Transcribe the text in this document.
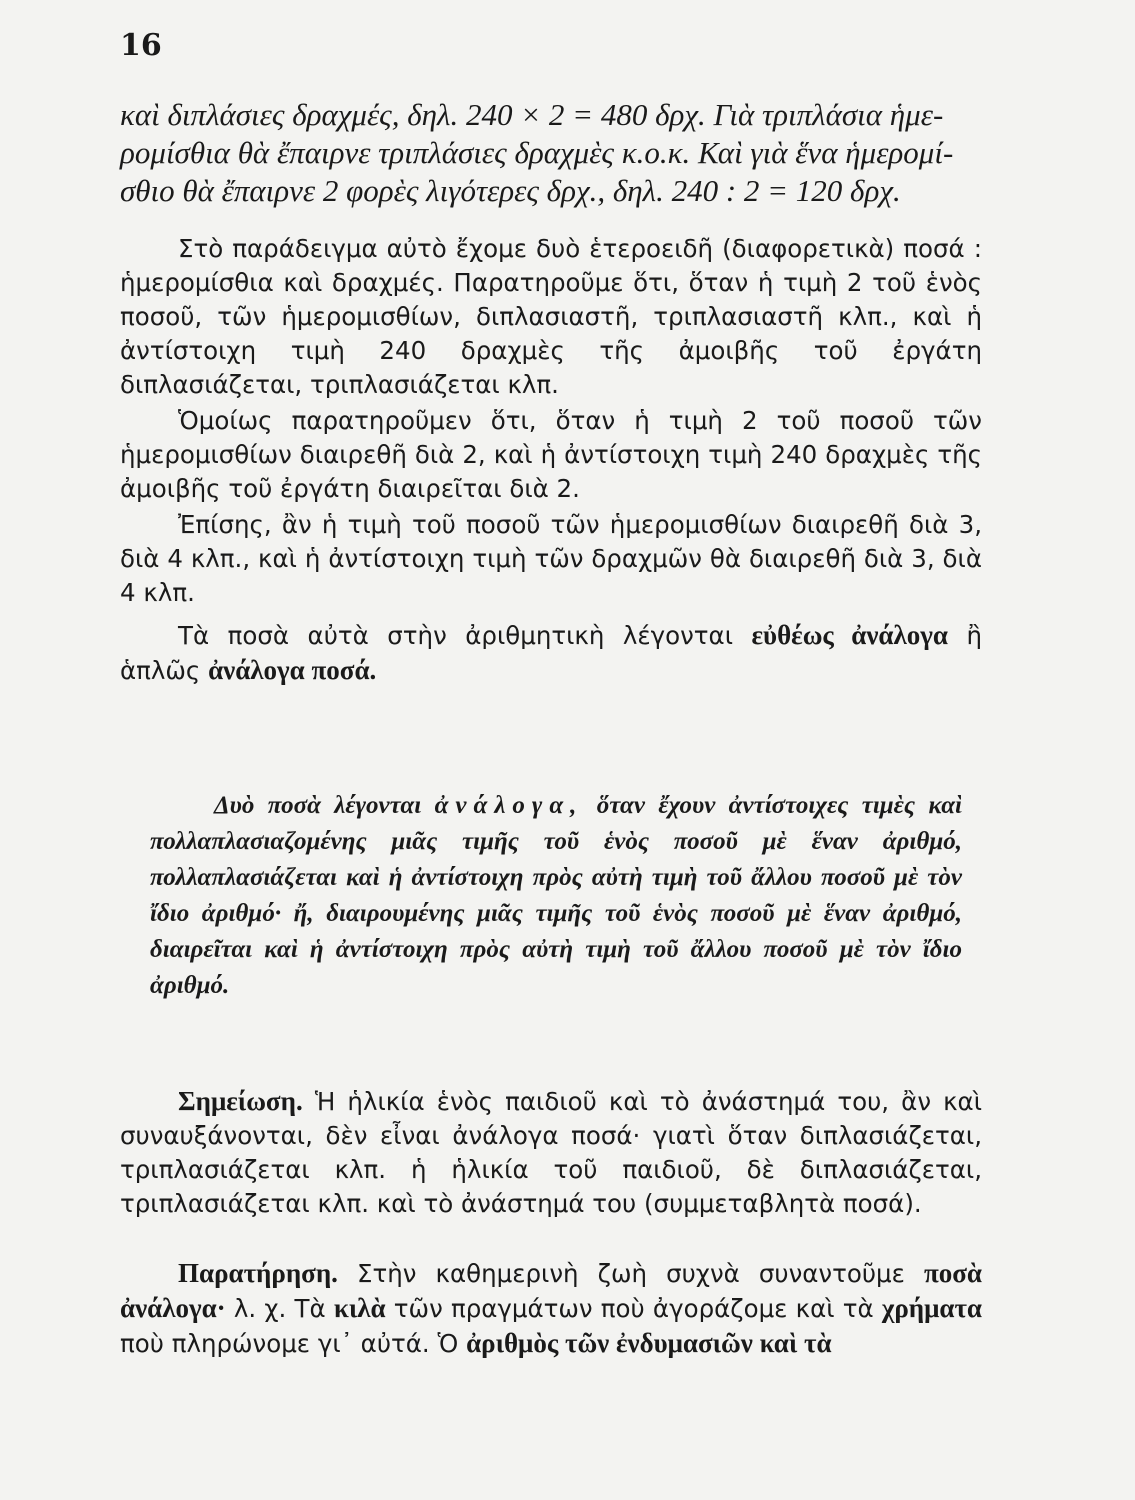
16

καὶ διπλάσιες δραχμές, δηλ. 240 × 2 = 480 δρχ. Γιὰ τριπλάσια ἡμε-
ρομίσθια θὰ ἔπαιρνε τριπλάσιες δραχμὲς κ.ο.κ. Καὶ γιὰ ἕνα ἡμερομί-
σθιο θὰ ἔπαιρνε 2 φορὲς λιγότερες δρχ., δηλ. 240 : 2 = 120 δρχ.

Στὸ παράδειγμα αὐτὸ ἔχομε δυὸ ἑτεροειδῆ (διαφορετικὰ) ποσά : ἡμερομίσθια καὶ δραχμές. Παρατηροῦμε ὅτι, ὅταν ἡ τιμὴ 2 τοῦ ἑνὸς ποσοῦ, τῶν ἡμερομισθίων, διπλασιαστῆ, τριπλασιαστῆ κλπ., καὶ ἡ ἀντίστοιχη τιμὴ 240 δραχμὲς τῆς ἀμοιβῆς τοῦ ἐργάτη διπλασιάζεται, τριπλασιάζεται κλπ.

Ὁμοίως παρατηροῦμεν ὅτι, ὅταν ἡ τιμὴ 2 τοῦ ποσοῦ τῶν ἡμερομισθίων διαιρεθῆ διὰ 2, καὶ ἡ ἀντίστοιχη τιμὴ 240 δραχμὲς τῆς ἀμοιβῆς τοῦ ἐργάτη διαιρεῖται διὰ 2.

Ἐπίσης, ἂν ἡ τιμὴ τοῦ ποσοῦ τῶν ἡμερομισθίων διαιρεθῆ διὰ 3, διὰ 4 κλπ., καὶ ἡ ἀντίστοιχη τιμὴ τῶν δραχμῶν θὰ διαιρεθῆ διὰ 3, διὰ 4 κλπ.

Τὰ ποσὰ αὐτὰ στὴν ἀριθμητικὴ λέγονται εὐθέως ἀνάλογα ἢ ἁπλῶς ἀνάλογα ποσά.

Δυὸ ποσὰ λέγονται ἀνάλογα, ὅταν ἔχουν ἀντίστοιχες τιμὲς καὶ πολλαπλασιαζομένης μιᾶς τιμῆς τοῦ ἑνὸς ποσοῦ μὲ ἕναν ἀριθμό, πολλαπλασιάζεται καὶ ἡ ἀντίστοιχη πρὸς αὐτὴ τιμὴ τοῦ ἄλλου ποσοῦ μὲ τὸν ἴδιο ἀριθμό· ἤ, διαιρουμένης μιᾶς τιμῆς τοῦ ἑνὸς ποσοῦ μὲ ἕναν ἀριθμό, διαιρεῖται καὶ ἡ ἀντίστοιχη πρὸς αὐτὴ τιμὴ τοῦ ἄλλου ποσοῦ μὲ τὸν ἴδιο ἀριθμό.

Σημείωση. Ἡ ἡλικία ἑνὸς παιδιοῦ καὶ τὸ ἀνάστημά του, ἂν καὶ συναυξάνονται, δὲν εἶναι ἀνάλογα ποσά· γιατὶ ὅταν διπλασιάζεται, τριπλασιάζεται κλπ. ἡ ἡλικία τοῦ παιδιοῦ, δὲ διπλασιάζεται, τριπλασιάζεται κλπ. καὶ τὸ ἀνάστημά του (συμμεταβλητὰ ποσά).

Παρατήρηση. Στὴν καθημερινὴ ζωὴ συχνὰ συναντοῦμε ποσὰ ἀνάλογα· λ. χ. Τὰ κιλὰ τῶν πραγμάτων ποὺ ἀγοράζομε καὶ τὰ χρήματα ποὺ πληρώνομε γι᾽ αὐτά. Ὁ ἀριθμὸς τῶν ἐνδυμασιῶν καὶ τὰ
